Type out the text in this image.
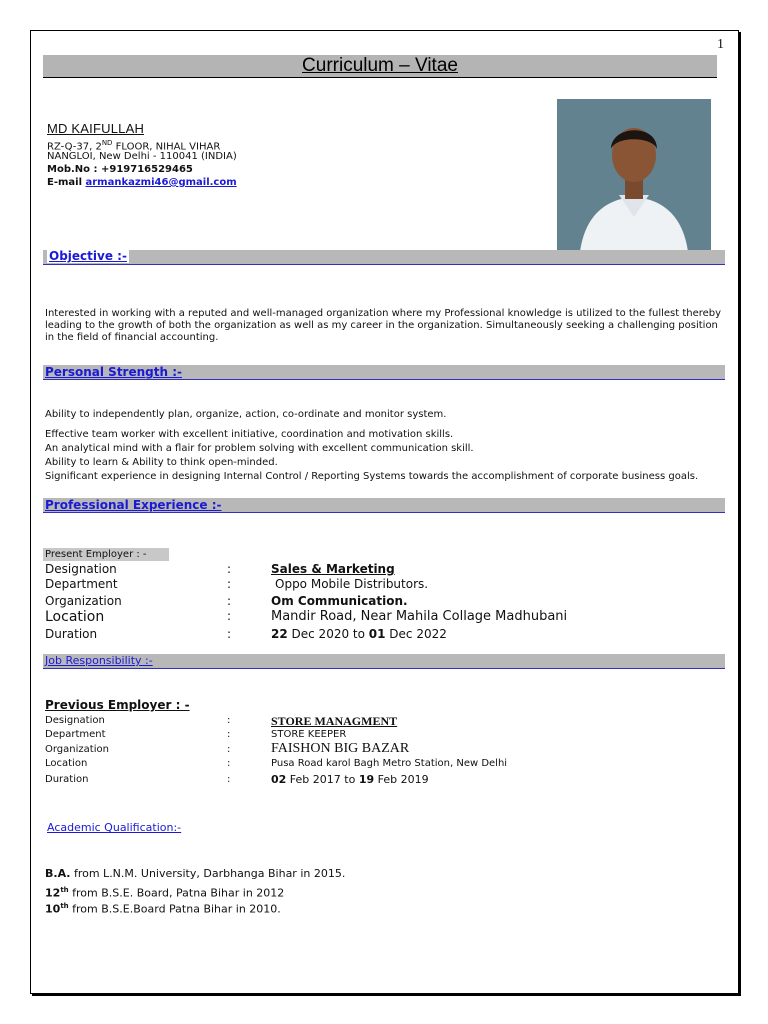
1
Curriculum – Vitae
MD KAIFULLAH
RZ-Q-37, 2ND FLOOR, NIHAL VIHAR
NANGLOI, New Delhi - 110041 (INDIA)
Mob.No : +919716529465
E-mail armankazmi46@gmail.com
Objective :-
Interested in working with a reputed and well-managed organization where my Professional knowledge is utilized to the fullest thereby leading to the growth of both the organization as well as my career in the organization. Simultaneously seeking a challenging position in the field of financial accounting.
Personal Strength :-
Ability to independently plan, organize, action, co-ordinate and monitor system.
Effective team worker with excellent initiative, coordination and motivation skills.
An analytical mind with a flair for problem solving with excellent communication skill.
Ability to learn & Ability to think open-minded.
Significant experience in designing Internal Control / Reporting Systems towards the accomplishment of corporate business goals.
Professional Experience :-
Present Employer : -
Designation	:	Sales & Marketing
Department	:	Oppo Mobile Distributors.
Organization	:	Om Communication.
Location	:	Mandir Road, Near Mahila Collage Madhubani
Duration	:	22 Dec 2020 to 01 Dec 2022
Job Responsibility :-
Previous Employer : -
Designation	:	STORE MANAGMENT
Department	:	STORE KEEPER
Organization	:	FAISHON BIG BAZAR
Location	:	Pusa Road karol Bagh Metro Station, New Delhi
Duration	:	02 Feb 2017 to 19 Feb 2019
Academic Qualification:-
B.A. from L.N.M. University, Darbhanga Bihar in 2015.
12th from B.S.E. Board, Patna Bihar in 2012
10th from B.S.E.Board Patna Bihar in 2010.
